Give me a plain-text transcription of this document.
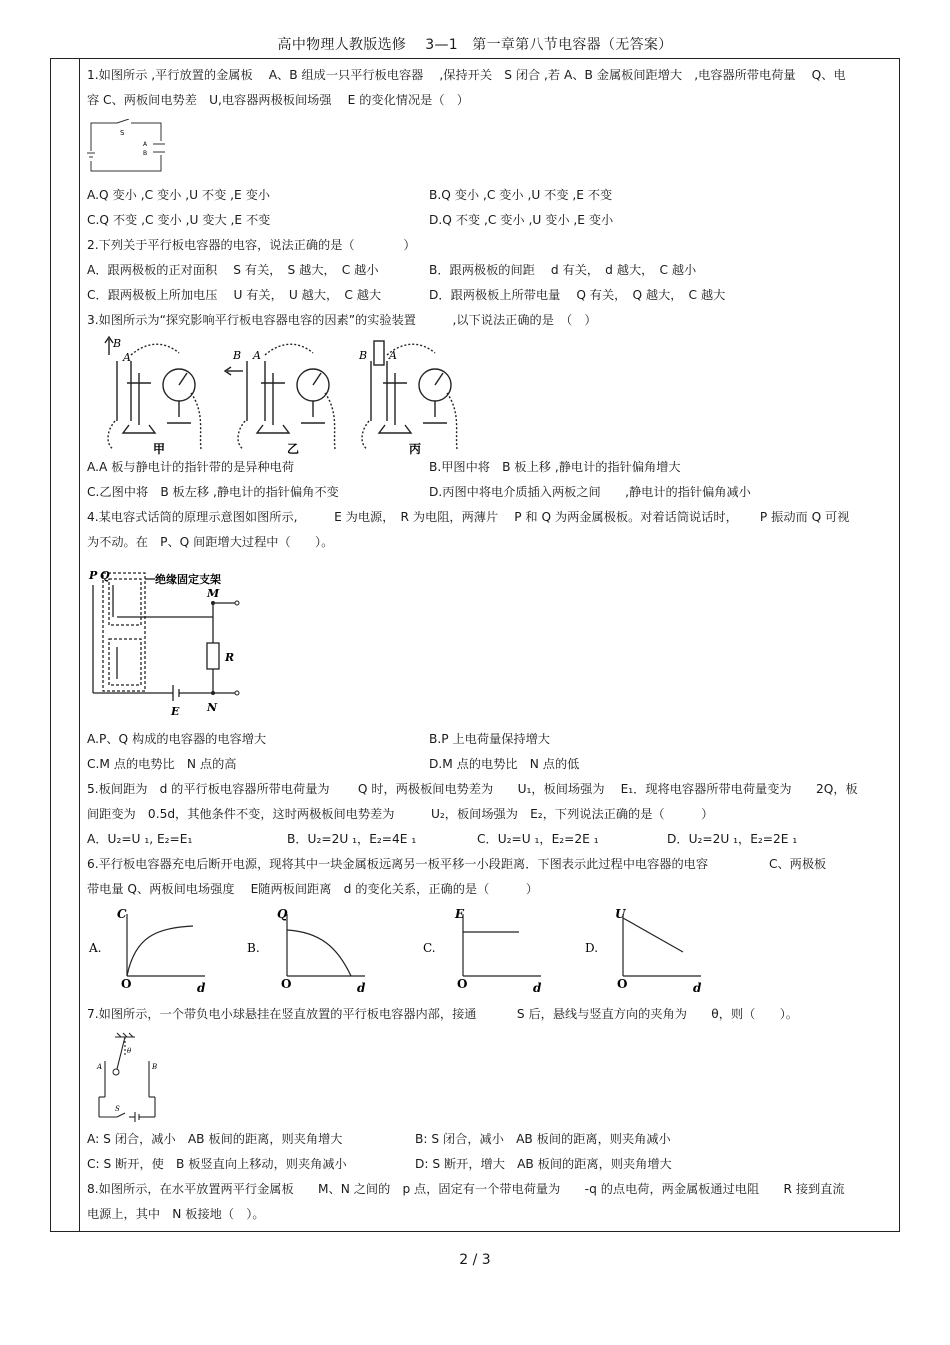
高中物理人教版选修　 3—1　第一章第八节电容器（无答案）
1.如图所示 ,平行放置的金属板　 A、B 组成一只平行板电容器　 ,保持开关　S 闭合 ,若 A、B 金属板间距增大　,电容器所带电荷量　 Q、电
容 C、两板间电势差　U,电容器两极板间场强　 E 的变化情况是（　）
S
A
B
A.Q 变小 ,C 变小 ,U 不变 ,E 变小	B.Q 变小 ,C 变小 ,U 不变 ,E 不变
C.Q 不变 ,C 变小 ,U 变大 ,E 不变	D.Q 不变 ,C 变小 ,U 变小 ,E 变小
2.下列关于平行板电容器的电容，说法正确的是（　　　　）
A．跟两极板的正对面积　 S 有关，　S 越大，　C 越小	B．跟两极板的间距　 d 有关，　d 越大，　C 越小
C．跟两极板上所加电压　 U 有关，　U 越大，　C 越大	D．跟两极板上所带电量　 Q 有关，　Q 越大，　C 越大
3.如图所示为“探究影响平行板电容器电容的因素”的实验装置　　　,以下说法正确的是　（　）
B
A	B A	B A
甲	乙	丙
A.A 板与静电计的指针带的是异种电荷	B.甲图中将　B 板上移 ,静电计的指针偏角增大
C.乙图中将　B 板左移 ,静电计的指针偏角不变	D.丙图中将电介质插入两板之间　　,静电计的指针偏角减小
4.某电容式话筒的原理示意图如图所示,　　　E 为电源，　R 为电阻，两薄片　 P 和 Q 为两金属极板。对着话筒说话时，　　 P 振动而 Q 可视
为不动。在　P、Q 间距增大过程中（　　）。
绝缘固定支架
P Q
M
R
N
E
A.P、Q 构成的电容器的电容增大	B.P 上电荷量保持增大
C.M 点的电势比　N 点的高	D.M 点的电势比　N 点的低
5.板间距为　d 的平行板电容器所带电荷量为　　 Q 时，两极板间电势差为　　U₁，板间场强为　 E₁．现将电容器所带电荷量变为　　2Q，板
间距变为　0.5d，其他条件不变，这时两极板间电势差为　　　U₂，板间场强为　E₂，下列说法正确的是（　　　）
A．U₂=U ₁, E₂=E₁	B．U₂=2U ₁，E₂=4E ₁	C．U₂=U ₁，E₂=2E ₁	D．U₂=2U ₁，E₂=2E ₁
6.平行板电容器充电后断开电源，现将其中一块金属板远离另一板平移一小段距离．下图表示此过程中电容器的电容　　　　　C、两极板
带电量 Q、两板间电场强度　 E随两板间距离　d 的变化关系，正确的是（　　　）
A.
C
O	d
B.
Q
O	d
C.
E
O	d
D.
U
O	d
7.如图所示，一个带负电小球悬挂在竖直放置的平行板电容器内部，接通　　　 S 后，悬线与竖直方向的夹角为　　θ，则（　　）。
θ
A	B
S
A: S 闭合，减小　AB 板间的距离，则夹角增大	B: S 闭合，减小　AB 板间的距离，则夹角减小
C: S 断开，使　B 板竖直向上移动，则夹角减小	D: S 断开，增大　AB 板间的距离，则夹角增大
8.如图所示，在水平放置两平行金属板　　M、N 之间的　p 点，固定有一个带电荷量为　　-q 的点电荷，两金属板通过电阻　　R 接到直流
电源上，其中　N 板接地（　）。
2 / 3
